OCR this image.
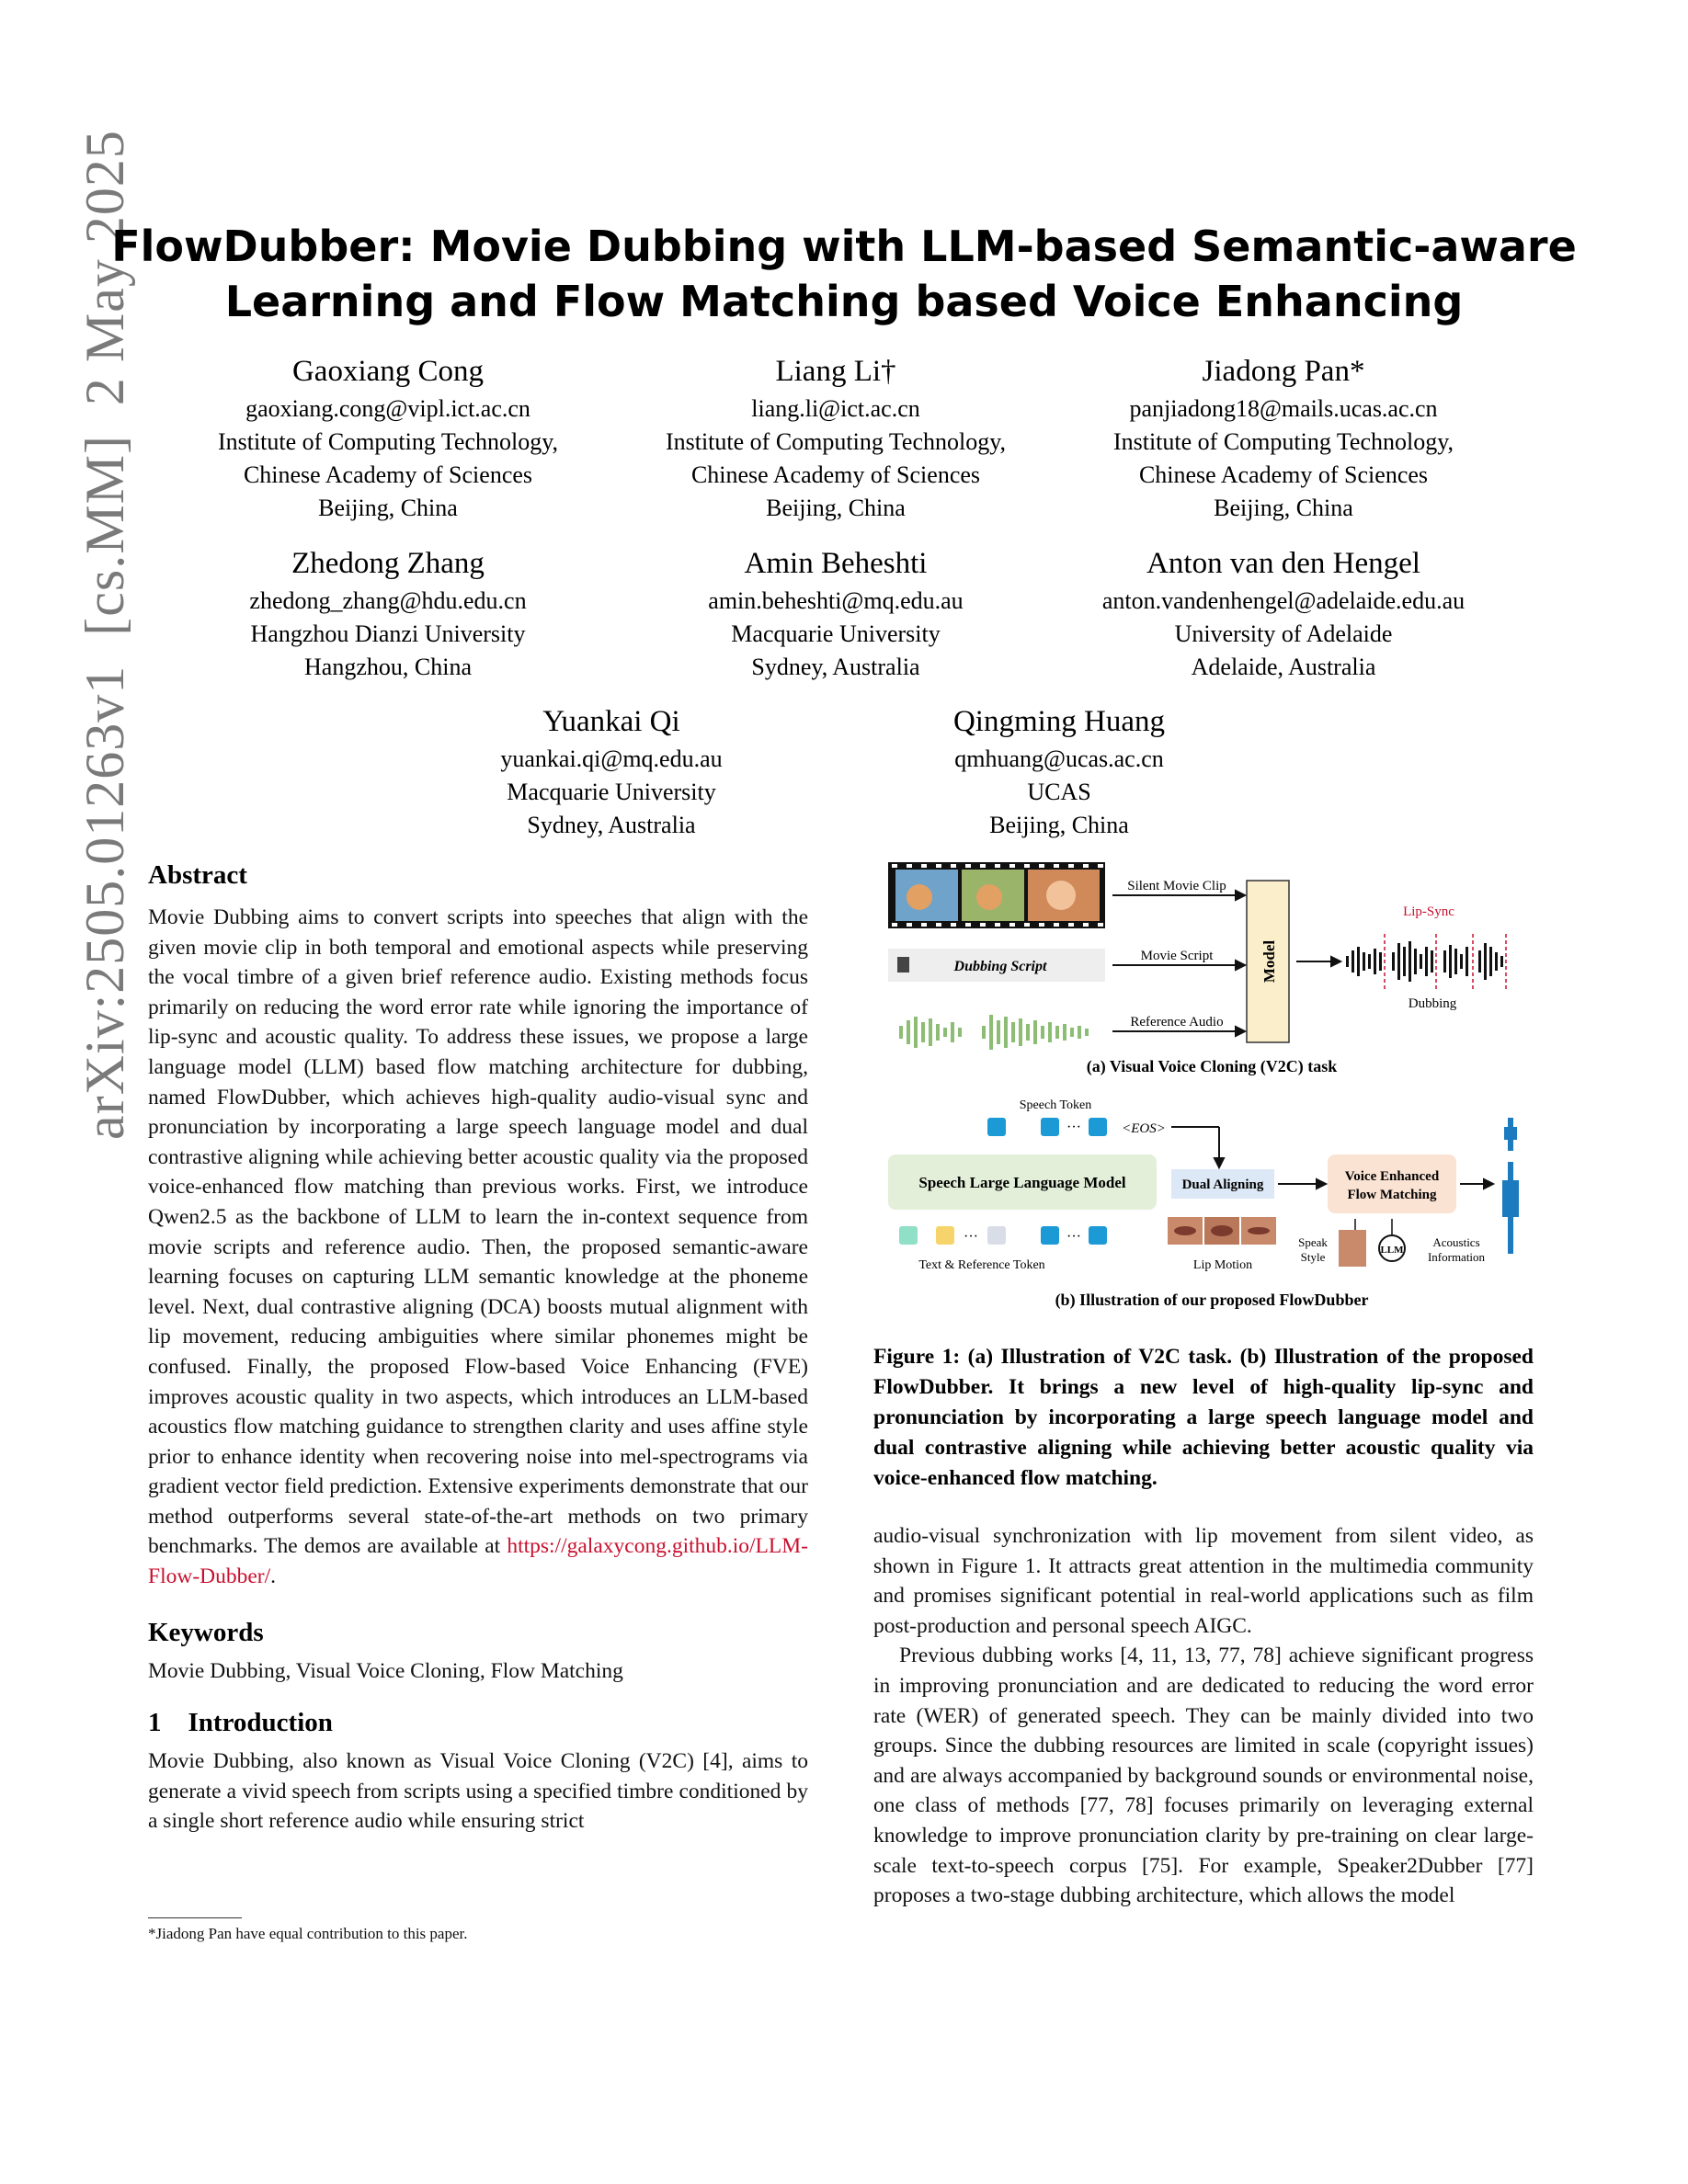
arXiv:2505.01263v1  [cs.MM]  2 May 2025
FlowDubber: Movie Dubbing with LLM-based Semantic-aware
Learning and Flow Matching based Voice Enhancing
Gaoxiang Cong
gaoxiang.cong@vipl.ict.ac.cn
Institute of Computing Technology,
Chinese Academy of Sciences
Beijing, China
Liang Li†
liang.li@ict.ac.cn
Institute of Computing Technology,
Chinese Academy of Sciences
Beijing, China
Jiadong Pan*
panjiadong18@mails.ucas.ac.cn
Institute of Computing Technology,
Chinese Academy of Sciences
Beijing, China
Zhedong Zhang
zhedong_zhang@hdu.edu.cn
Hangzhou Dianzi University
Hangzhou, China
Amin Beheshti
amin.beheshti@mq.edu.au
Macquarie University
Sydney, Australia
Anton van den Hengel
anton.vandenhengel@adelaide.edu.au
University of Adelaide
Adelaide, Australia
Yuankai Qi
yuankai.qi@mq.edu.au
Macquarie University
Sydney, Australia
Qingming Huang
qmhuang@ucas.ac.cn
UCAS
Beijing, China
Abstract

Movie Dubbing aims to convert scripts into speeches that align with the given movie clip in both temporal and emotional aspects while preserving the vocal timbre of a given brief reference audio. Existing methods focus primarily on reducing the word error rate while ignoring the importance of lip-sync and acoustic quality. To address these issues, we propose a large language model (LLM) based flow matching architecture for dubbing, named FlowDubber, which achieves high-quality audio-visual sync and pronunciation by incorporating a large speech language model and dual contrastive aligning while achieving better acoustic quality via the proposed voice-enhanced flow matching than previous works. First, we introduce Qwen2.5 as the backbone of LLM to learn the in-context sequence from movie scripts and reference audio. Then, the proposed semantic-aware learning focuses on capturing LLM semantic knowledge at the phoneme level. Next, dual contrastive aligning (DCA) boosts mutual alignment with lip movement, reducing ambiguities where similar phonemes might be confused. Finally, the proposed Flow-based Voice Enhancing (FVE) improves acoustic quality in two aspects, which introduces an LLM-based acoustics flow matching guidance to strengthen clarity and uses affine style prior to enhance identity when recovering noise into mel-spectrograms via gradient vector field prediction. Extensive experiments demonstrate that our method outperforms several state-of-the-art methods on two primary benchmarks. The demos are available at https://galaxycong.github.io/LLM-Flow-Dubber/.

Keywords

Movie Dubbing, Visual Voice Cloning, Flow Matching

1    Introduction

Movie Dubbing, also known as Visual Voice Cloning (V2C) [4], aims to generate a vivid speech from scripts using a specified timbre conditioned by a single short reference audio while ensuring strict

*Jiadong Pan have equal contribution to this paper.
Dubbing Script
Silent Movie Clip
Movie Script
Reference Audio
Model
Lip-Sync
Dubbing
(a) Visual Voice Cloning (V2C) task
Speech Token
···	<EOS>
Speech Large Language Model
···	···
Text & Reference Token
Dual Aligning
Lip Motion
Voice Enhanced
Flow Matching
Speak
Style	LLM
Acoustics
Information
(b) Illustration of our proposed FlowDubber

Figure 1: (a) Illustration of V2C task. (b) Illustration of the proposed FlowDubber. It brings a new level of high-quality lip-sync and pronunciation by incorporating a large speech language model and dual contrastive aligning while achieving better acoustic quality via voice-enhanced flow matching.

audio-visual synchronization with lip movement from silent video, as shown in Figure 1. It attracts great attention in the multimedia community and promises significant potential in real-world applications such as film post-production and personal speech AIGC.

Previous dubbing works [4, 11, 13, 77, 78] achieve significant progress in improving pronunciation and are dedicated to reducing the word error rate (WER) of generated speech. They can be mainly divided into two groups. Since the dubbing resources are limited in scale (copyright issues) and are always accompanied by background sounds or environmental noise, one class of methods [77, 78] focuses primarily on leveraging external knowledge to improve pronunciation clarity by pre-training on clear large-scale text-to-speech corpus [75]. For example, Speaker2Dubber [77] proposes a two-stage dubbing architecture, which allows the model
